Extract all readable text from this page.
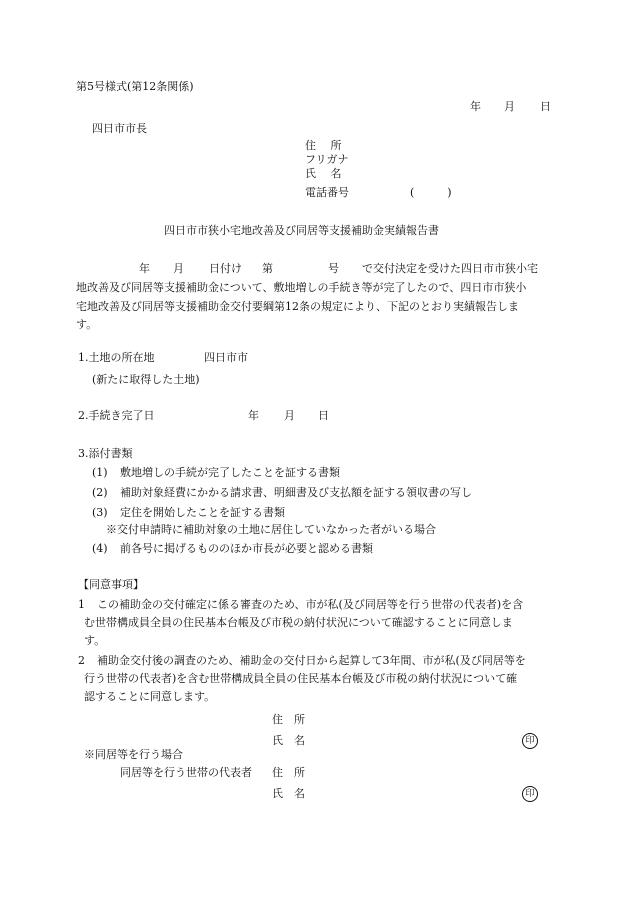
第5号様式(第12条関係)
年 月 日
四日市市長
住　 所
フリガナ
氏　 名
電話番号	(　　　)
四日市市狭小宅地改善及び同居等支援補助金実績報告書
年 月 日付け 第	号 で交付決定を受けた四日市市狭小宅
地改善及び同居等支援補助金について、敷地増しの手続き等が完了したので、四日市市狭小
宅地改善及び同居等支援補助金交付要綱第12条の規定により、下記のとおり実績報告しま
す。
1.土地の所在地	四日市市
(新たに取得した土地)
2.手続き完了日	年 月 日
3.添付書類
(1) 敷地増しの手続が完了したことを証する書類
(2) 補助対象経費にかかる請求書、明細書及び支払額を証する領収書の写し
(3) 定住を開始したことを証する書類
※交付申請時に補助対象の土地に居住していなかった者がいる場合
(4) 前各号に掲げるもののほか市長が必要と認める書類
【同意事項】
1 この補助金の交付確定に係る審査のため、市が私(及び同居等を行う世帯の代表者)を含
む世帯構成員全員の住民基本台帳及び市税の納付状況について確認することに同意しま
す。
2 補助金交付後の調査のため、補助金の交付日から起算して3年間、市が私(及び同居等を
行う世帯の代表者)を含む世帯構成員全員の住民基本台帳及び市税の納付状況について確
認することに同意します。
住　所
氏　名	印
※同居等を行う場合
同居等を行う世帯の代表者 住　所
氏　名	印
